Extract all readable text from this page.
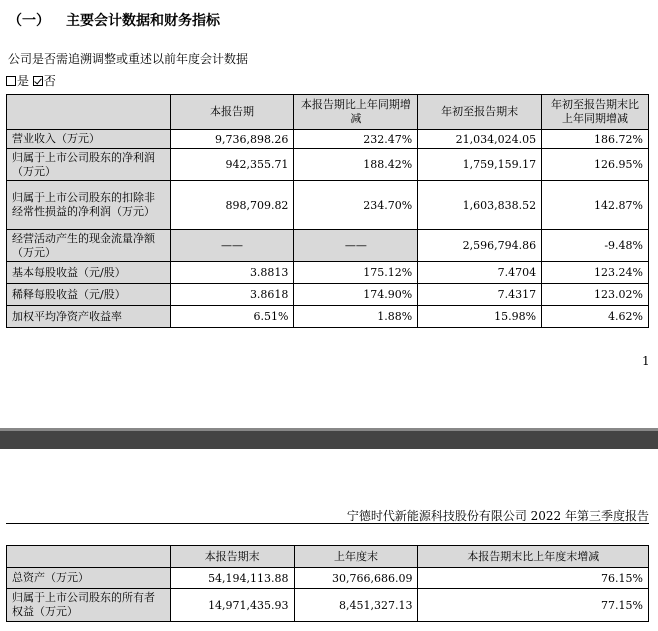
（一） 主要会计数据和财务指标
公司是否需追溯调整或重述以前年度会计数据
是 否
	本报告期	本报告期比上年同期增减	年初至报告期末	年初至报告期末比上年同期增减
营业收入（万元）	9,736,898.26	232.47%	21,034,024.05	186.72%
归属于上市公司股东的净利润（万元）	942,355.71	188.42%	1,759,159.17	126.95%
归属于上市公司股东的扣除非经常性损益的净利润（万元）	898,709.82	234.70%	1,603,838.52	142.87%
经营活动产生的现金流量净额（万元）	——	——	2,596,794.86	-9.48%
基本每股收益（元/股）	3.8813	175.12%	7.4704	123.24%
稀释每股收益（元/股）	3.8618	174.90%	7.4317	123.02%
加权平均净资产收益率	6.51%	1.88%	15.98%	4.62%
1
宁德时代新能源科技股份有限公司 2022 年第三季度报告
	本报告期末	上年度末	本报告期末比上年度末增减
总资产（万元）	54,194,113.88	30,766,686.09	76.15%
归属于上市公司股东的所有者权益（万元）	14,971,435.93	8,451,327.13	77.15%
